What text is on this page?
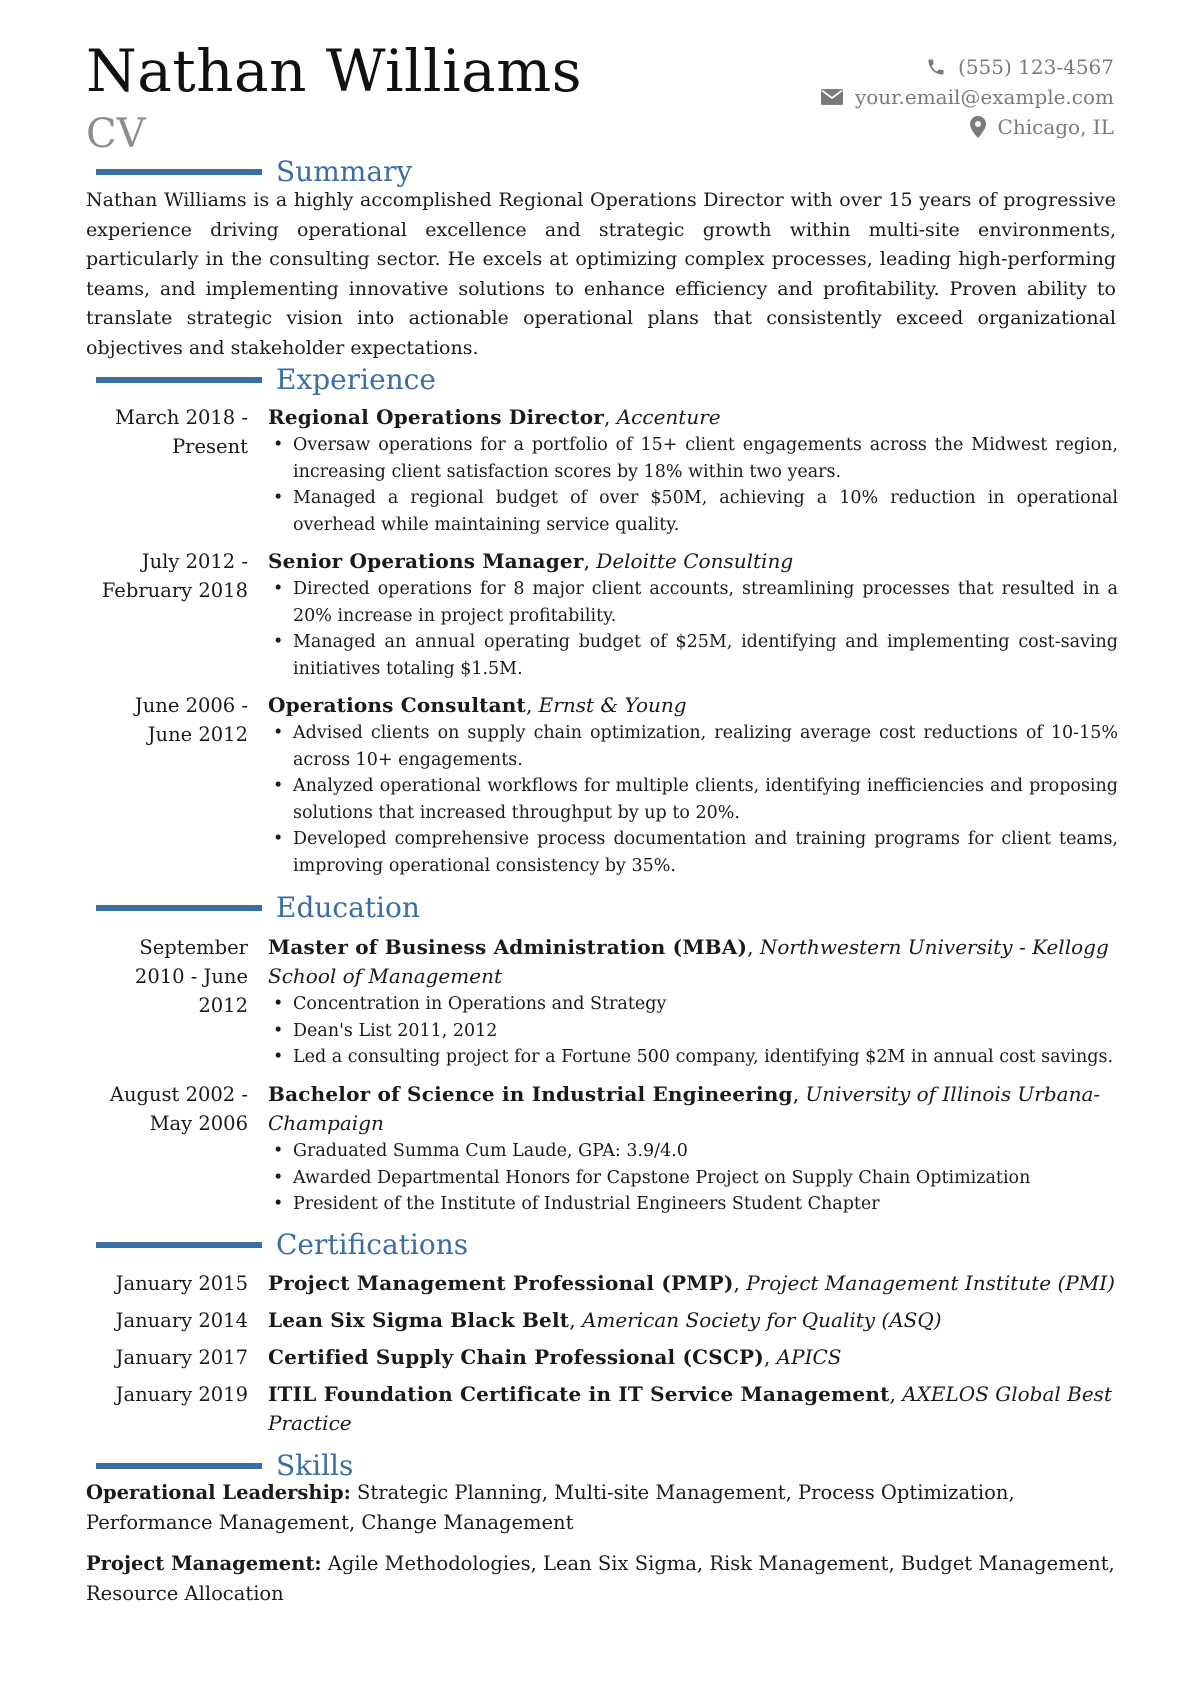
Nathan Williams
CV
(555) 123-4567
your.email@example.com
Chicago, IL
Summary
Nathan Williams is a highly accomplished Regional Operations Director with over 15 years of progressive experience driving operational excellence and strategic growth within multi-site environments, particularly in the consulting sector. He excels at optimizing complex processes, leading high-performing teams, and implementing innovative solutions to enhance efficiency and profitability. Proven ability to translate strategic vision into actionable operational plans that consistently exceed organizational objectives and stakeholder expectations.
Experience
March 2018 - Present
Regional Operations Director, Accenture
• Oversaw operations for a portfolio of 15+ client engagements across the Midwest region, increasing client satisfaction scores by 18% within two years.
• Managed a regional budget of over $50M, achieving a 10% reduction in operational overhead while maintaining service quality.
July 2012 - February 2018
Senior Operations Manager, Deloitte Consulting
• Directed operations for 8 major client accounts, streamlining processes that resulted in a 20% increase in project profitability.
• Managed an annual operating budget of $25M, identifying and implementing cost-saving initiatives totaling $1.5M.
June 2006 - June 2012
Operations Consultant, Ernst & Young
• Advised clients on supply chain optimization, realizing average cost reductions of 10-15% across 10+ engagements.
• Analyzed operational workflows for multiple clients, identifying inefficiencies and proposing solutions that increased throughput by up to 20%.
• Developed comprehensive process documentation and training programs for client teams, improving operational consistency by 35%.
Education
September 2010 - June 2012
Master of Business Administration (MBA), Northwestern University - Kellogg School of Management
• Concentration in Operations and Strategy
• Dean's List 2011, 2012
• Led a consulting project for a Fortune 500 company, identifying $2M in annual cost savings.
August 2002 - May 2006
Bachelor of Science in Industrial Engineering, University of Illinois Urbana-Champaign
• Graduated Summa Cum Laude, GPA: 3.9/4.0
• Awarded Departmental Honors for Capstone Project on Supply Chain Optimization
• President of the Institute of Industrial Engineers Student Chapter
Certifications
January 2015 Project Management Professional (PMP), Project Management Institute (PMI)
January 2014 Lean Six Sigma Black Belt, American Society for Quality (ASQ)
January 2017 Certified Supply Chain Professional (CSCP), APICS
January 2019 ITIL Foundation Certificate in IT Service Management, AXELOS Global Best Practice
Skills
Operational Leadership: Strategic Planning, Multi-site Management, Process Optimization, Performance Management, Change Management
Project Management: Agile Methodologies, Lean Six Sigma, Risk Management, Budget Management, Resource Allocation
